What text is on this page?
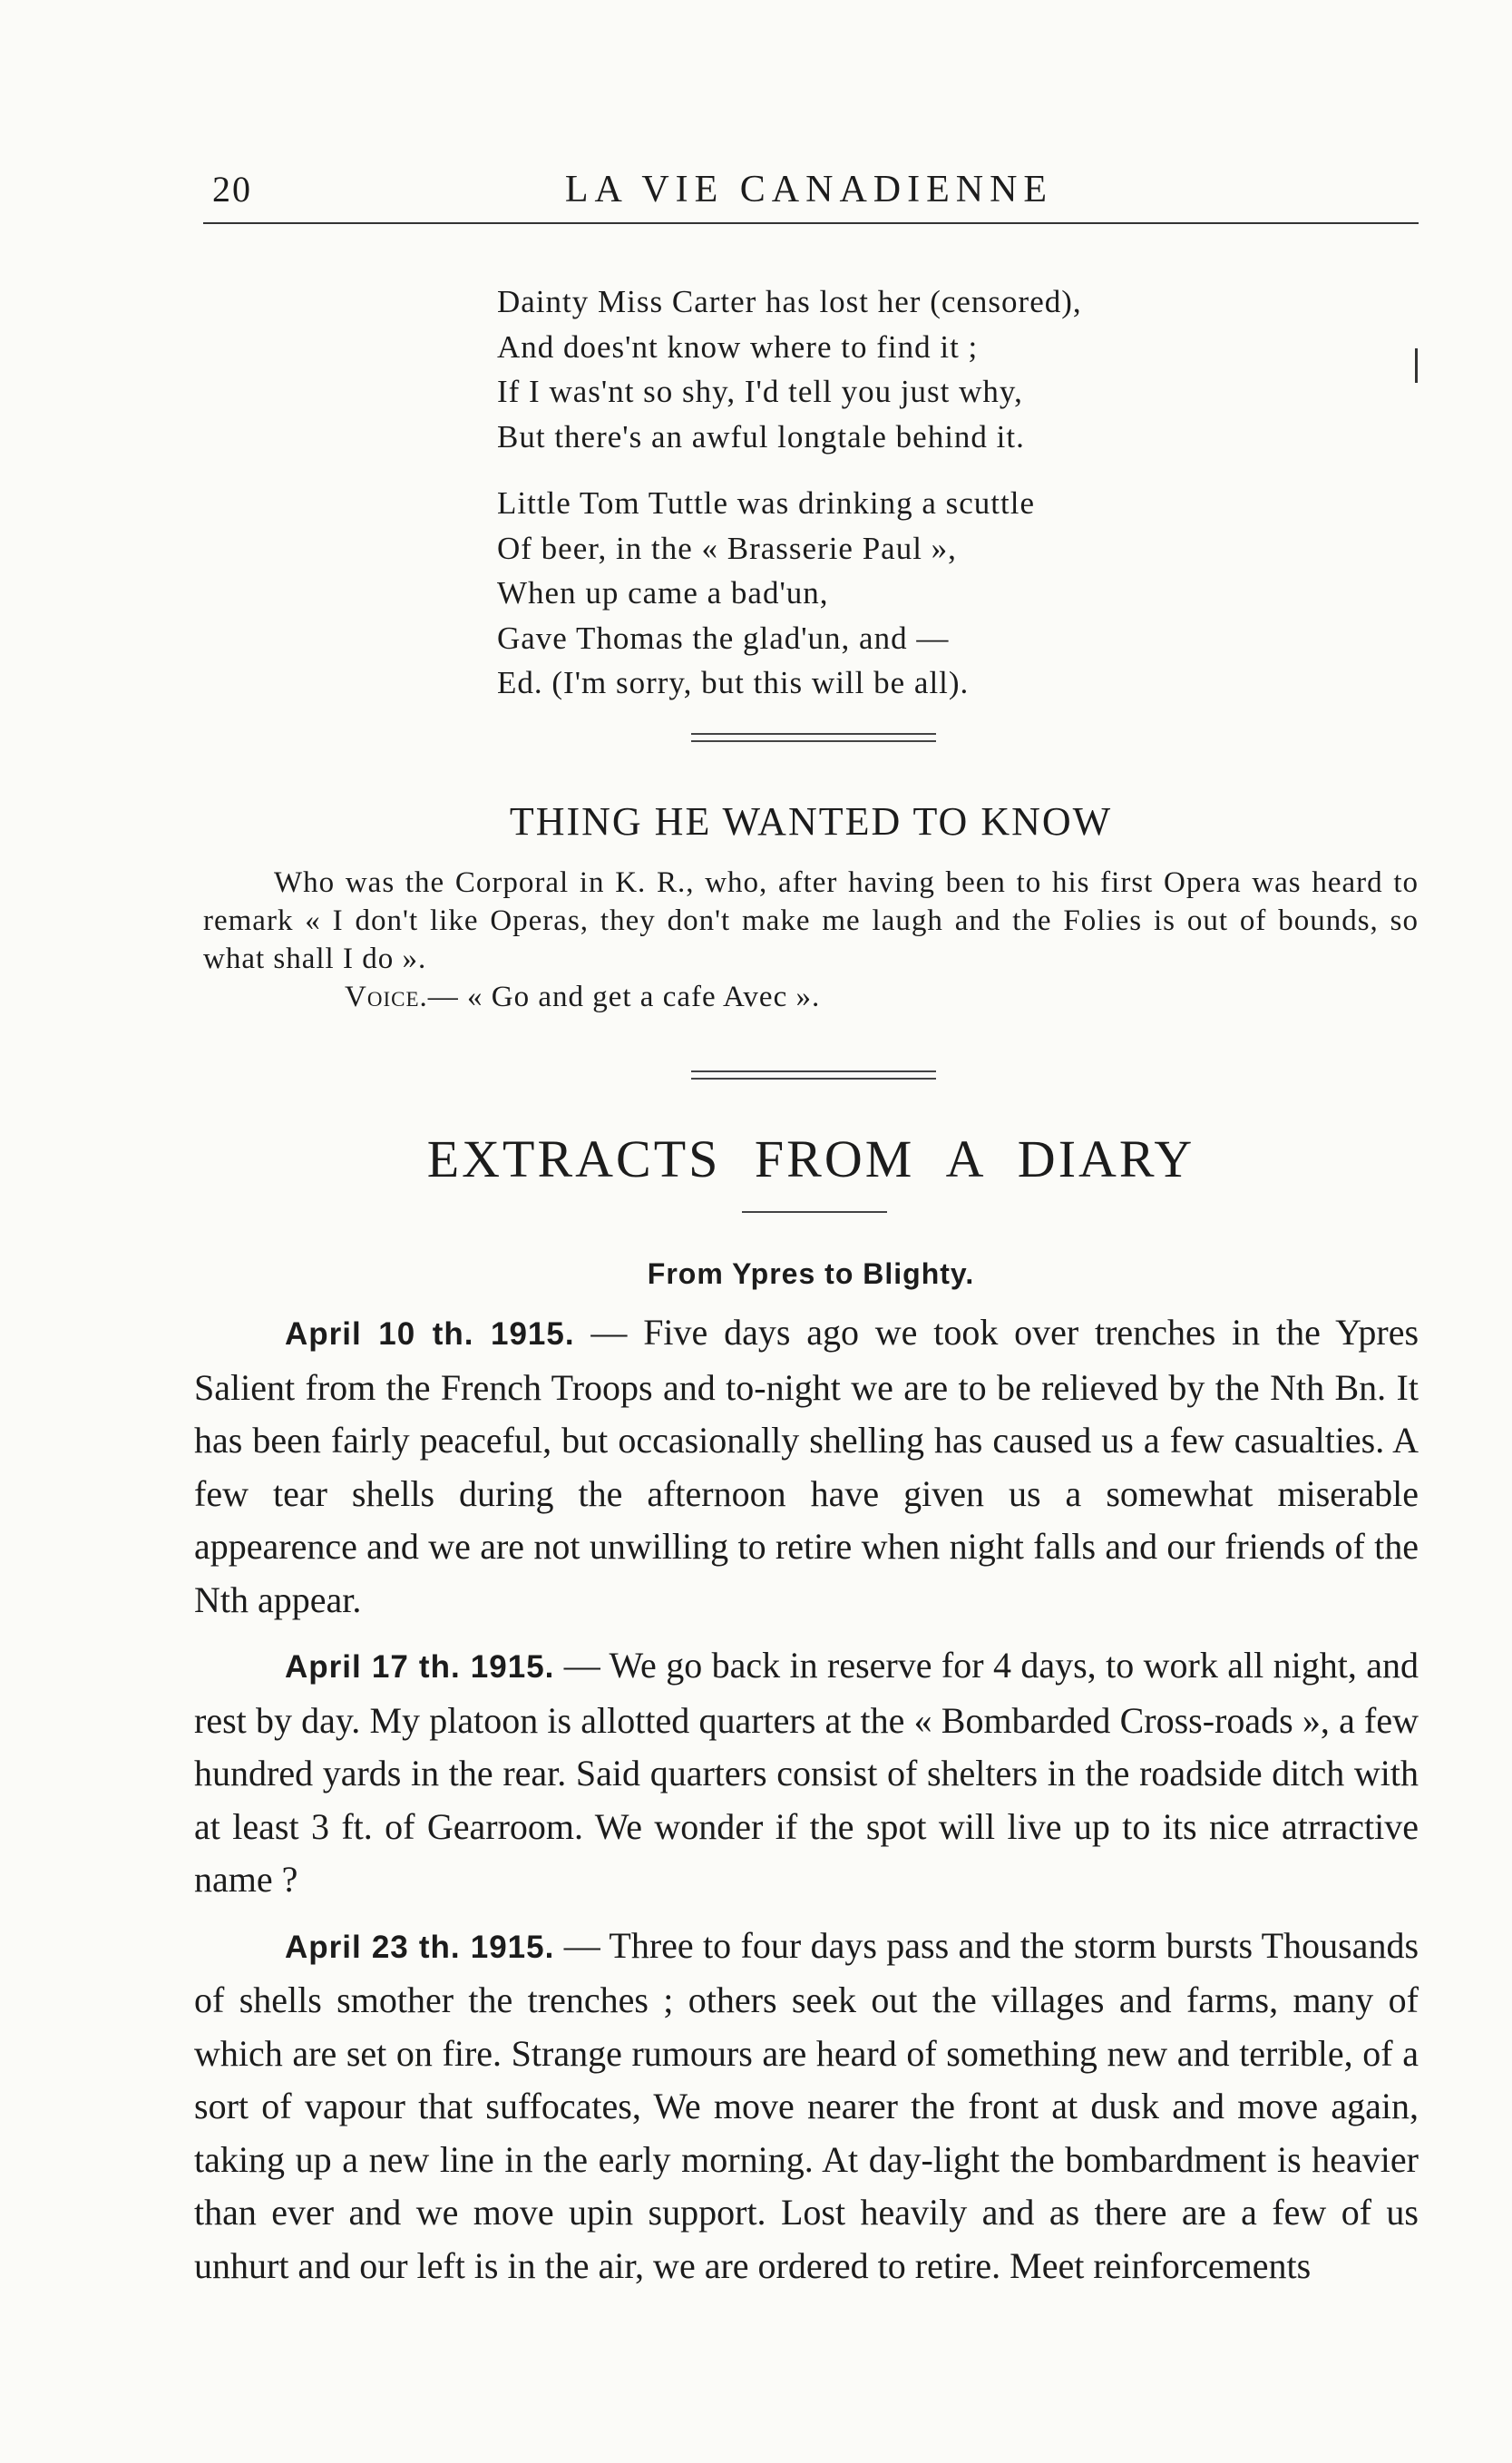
20	LA VIE CANADIENNE
Dainty Miss Carter has lost her (censored),
And does'nt know where to find it ;
If I was'nt so shy, I'd tell you just why,
But there's an awful longtale behind it.
Little Tom Tuttle was drinking a scuttle
Of beer, in the « Brasserie Paul »,
When up came a bad'un,
Gave Thomas the glad'un, and —
Ed. (I'm sorry, but this will be all).
THING HE WANTED TO KNOW

Who was the Corporal in K. R., who, after having been to his first Opera was heard to remark « I don't like Operas, they don't make me laugh and the Folies is out of bounds, so what shall I do ».

Voice.— « Go and get a cafe Avec ».

EXTRACTS FROM A DIARY
From Ypres to Blighty.

April 10 th. 1915. — Five days ago we took over trenches in the Ypres Salient from the French Troops and to-night we are to be relieved by the Nth Bn. It has been fairly peaceful, but occasionally shelling has caused us a few casualties. A few tear shells during the afternoon have given us a somewhat miserable appearence and we are not unwilling to retire when night falls and our friends of the Nth appear.

April 17 th. 1915. — We go back in reserve for 4 days, to work all night, and rest by day. My platoon is allotted quarters at the « Bombarded Cross-roads », a few hundred yards in the rear. Said quarters consist of shelters in the roadside ditch with at least 3 ft. of Gearroom. We wonder if the spot will live up to its nice atrractive name ?

April 23 th. 1915. — Three to four days pass and the storm bursts Thousands of shells smother the trenches ; others seek out the villages and farms, many of which are set on fire. Strange rumours are heard of something new and terrible, of a sort of vapour that suffocates, We move nearer the front at dusk and move again, taking up a new line in the early morning. At day-light the bombardment is heavier than ever and we move upin support. Lost heavily and as there are a few of us unhurt and our left is in the air, we are ordered to retire. Meet reinforcements
